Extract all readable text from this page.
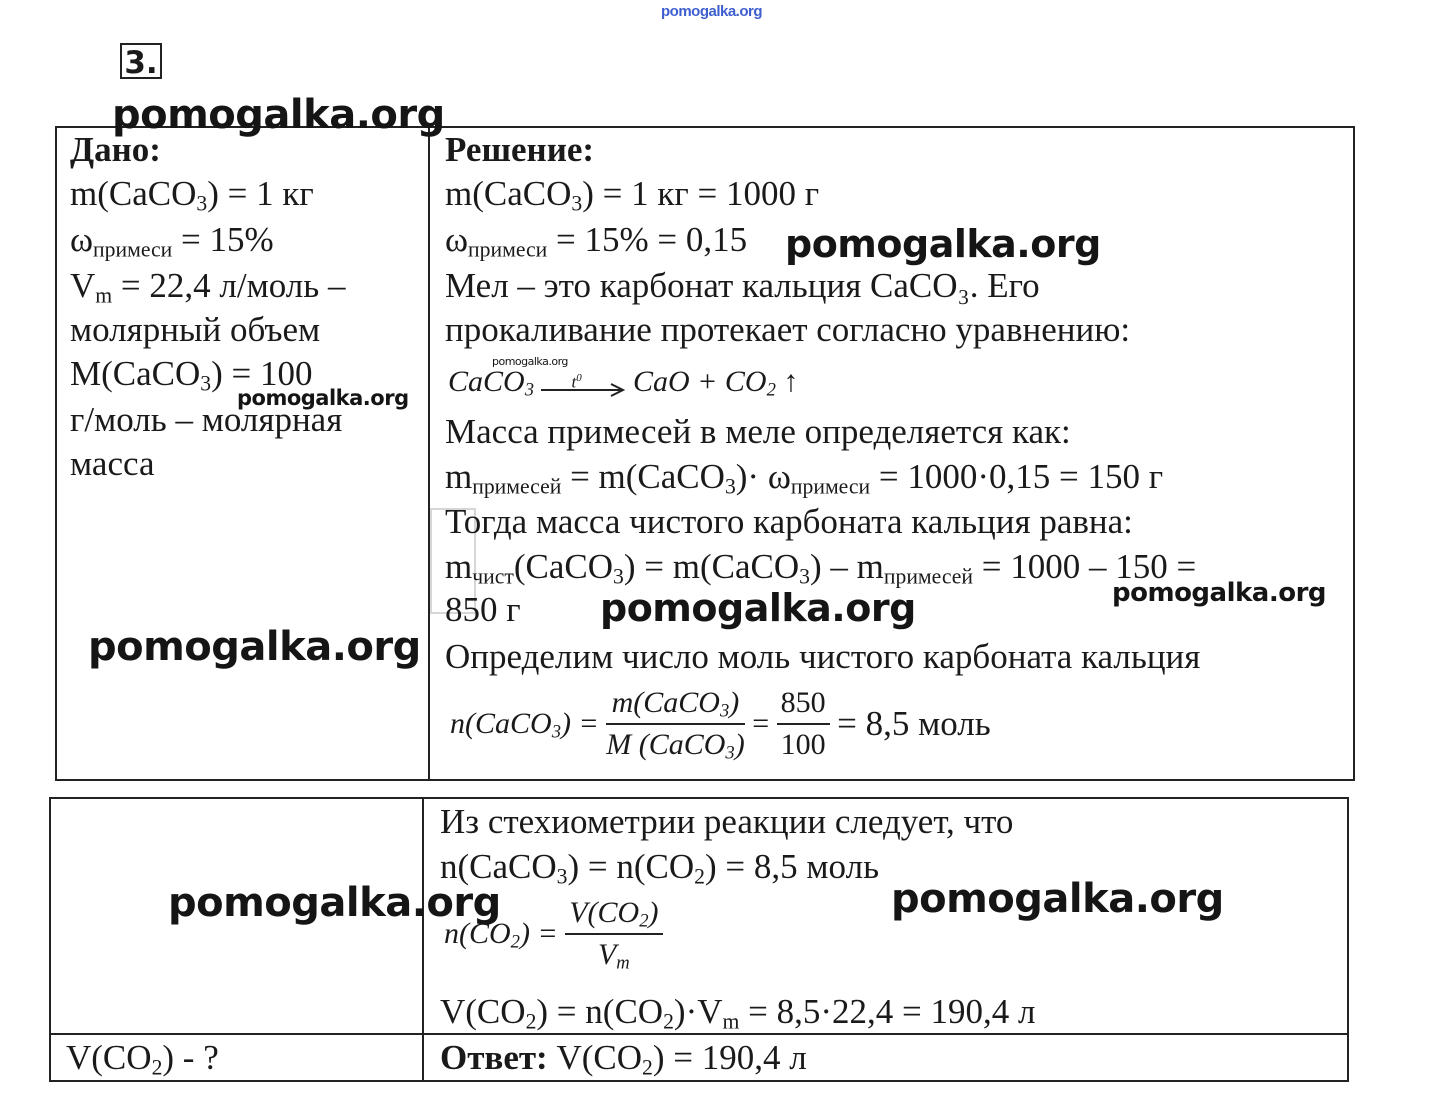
pomogalka.org
3.
Дано:
m(CaCO$_3$) = 1 кг
$\omega_{примеси} = 15\%$
$V_m = 22,4$ л/моль –
молярный объем
M(CaCO$_3$) = 100
г/моль – молярная
масса
$V(CO_2)$ - ?
Решение:
m(CaCO$_3$) = 1 кг = 1000 г
$\omega_{примеси} = 15\% = 0,15$
Мел – это карбонат кальция CaCO₃. Его
прокаливание протекает согласно уравнению:
CaCO$_3$ $t^0$ CaO + $CO_2$ ↑
Масса примесей в меле определяется как:
$m_{примесей}$ = m(CaCO$_3$)· $\omega_{примеси} = 1000\cdot 0,15 = 150$ г
Тогда масса чистого карбоната кальция равна:
$m_{чист}(CaCO_3)$ = m(CaCO$_3$) – $m_{примесей} = 1000 - 150$ =
850 г
Определим число моль чистого карбоната кальция
n(CaCO$_3$) = $\frac{m(CaCO_3)}{M (CaCO_3)} = \frac{850}{100} = 8,5$ моль
Из стехиометрии реакции следует, что
n(CaCO$_3$) = $n(CO_2) = 8,5$ моль
$n(CO_2) = \frac{V(CO_2)}{V_m}$
$V(CO_2) = n(CO_2)\cdot V_m = 8,5\cdot 22,4 = 190,4$ л
Ответ: $V(CO_2) = 190,4$ л
pomogalka.org
pomogalka.org
pomogalka.org
pomogalka.org
pomogalka.org	pomogalka.org
pomogalka.org
pomogalka.org	pomogalka.org
